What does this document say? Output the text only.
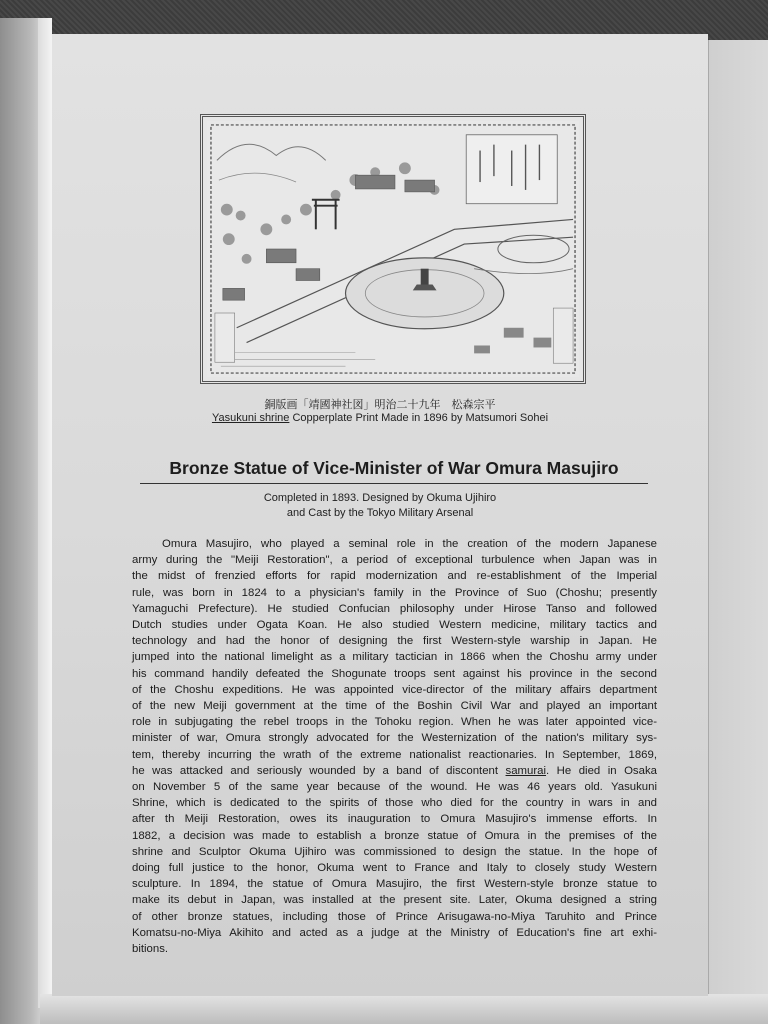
銅版画「靖國神社図」明治二十九年　松森宗平
Yasukuni shrine Copperplate Print Made in 1896 by Matsumori Sohei
Bronze Statue of Vice-Minister of War Omura Masujiro
Completed in 1893. Designed by Okuma Ujihiro
and Cast by the Tokyo Military Arsenal
Omura Masujiro, who played a seminal role in the creation of the modern Japanese
army during the "Meiji Restoration", a period of exceptional turbulence when Japan was in
the midst of frenzied efforts for rapid modernization and re-establishment of the Imperial
rule, was born in 1824 to a physician's family in the Province of Suo (Choshu; presently
Yamaguchi Prefecture). He studied Confucian philosophy under Hirose Tanso and followed
Dutch studies under Ogata Koan. He also studied Western medicine, military tactics and
technology and had the honor of designing the first Western-style warship in Japan. He
jumped into the national limelight as a military tactician in 1866 when the Choshu army under
his command handily defeated the Shogunate troops sent against his province in the second
of the Choshu expeditions. He was appointed vice-director of the military affairs department
of the new Meiji government at the time of the Boshin Civil War and played an important
role in subjugating the rebel troops in the Tohoku region. When he was later appointed vice-
minister of war, Omura strongly advocated for the Westernization of the nation's military sys-
tem, thereby incurring the wrath of the extreme nationalist reactionaries. In September, 1869,
he was attacked and seriously wounded by a band of discontent samurai. He died in Osaka
on November 5 of the same year because of the wound. He was 46 years old. Yasukuni
Shrine, which is dedicated to the spirits of those who died for the country in wars in and
after th Meiji Restoration, owes its inauguration to Omura Masujiro's immense efforts. In
1882, a decision was made to establish a bronze statue of Omura in the premises of the
shrine and Sculptor Okuma Ujihiro was commissioned to design the statue. In the hope of
doing full justice to the honor, Okuma went to France and Italy to closely study Western
sculpture. In 1894, the statue of Omura Masujiro, the first Western-style bronze statue to
make its debut in Japan, was installed at the present site. Later, Okuma designed a string
of other bronze statues, including those of Prince Arisugawa-no-Miya Taruhito and Prince
Komatsu-no-Miya Akihito and acted as a judge at the Ministry of Education's fine art exhi-
bitions.
